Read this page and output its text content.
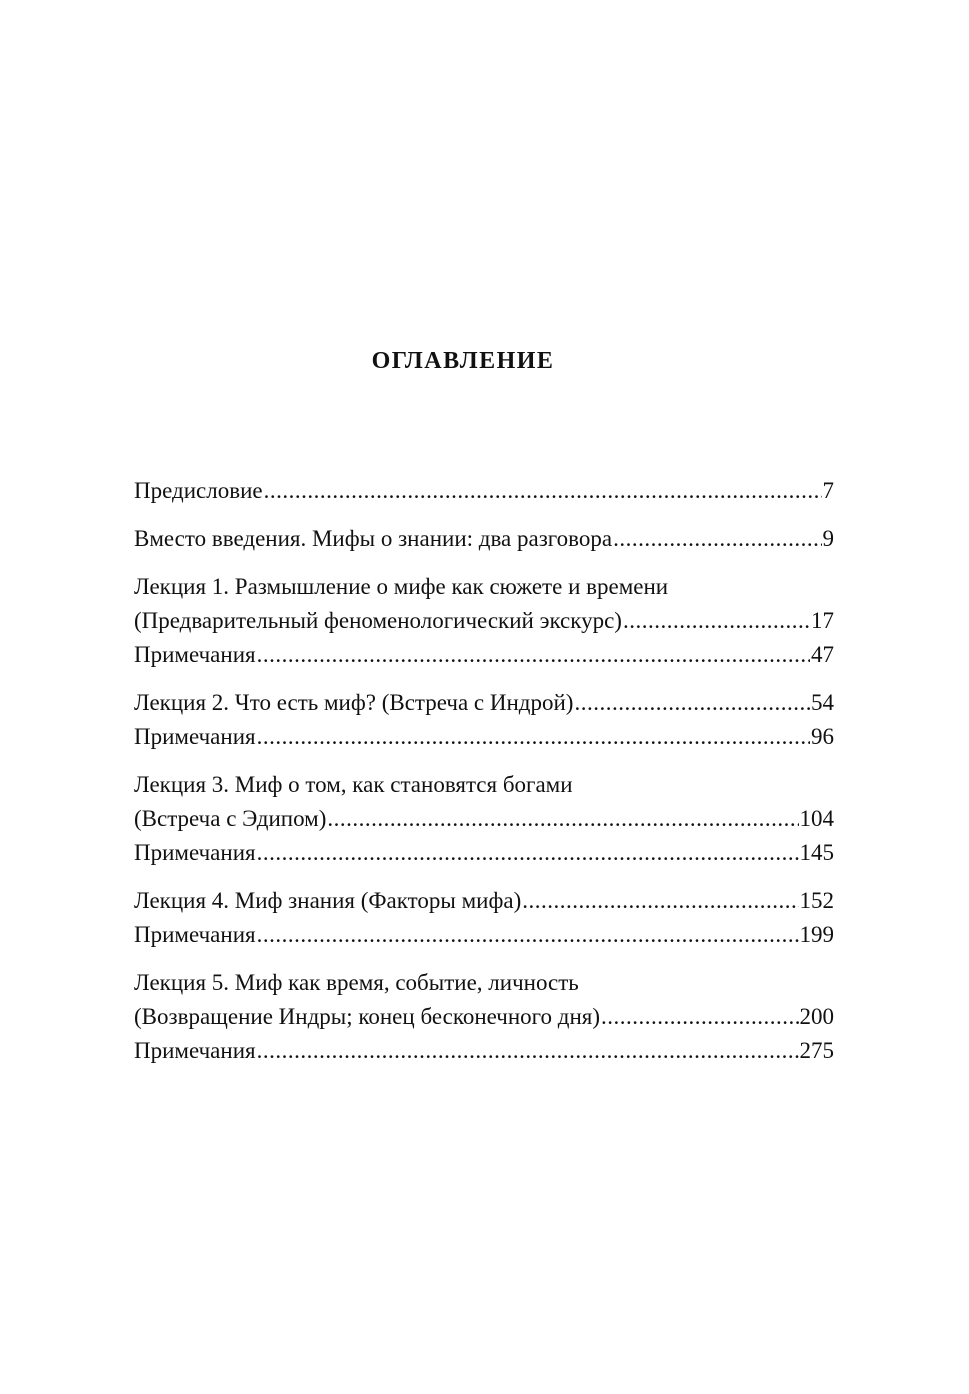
ОГЛАВЛЕНИЕ
Предисловие .....	7
Вместо введения. Мифы о знании: два разговора .....	9
Лекция 1. Размышление о мифе как сюжете и времени
(Предварительный феноменологический экскурс) .....	17
Примечания .....	47
Лекция 2. Что есть миф? (Встреча с Индрой) .....	54
Примечания .....	96
Лекция 3. Миф о том, как становятся богами
(Встреча с Эдипом) .....	104
Примечания .....	145
Лекция 4. Миф знания (Факторы мифа) .....	152
Примечания .....	199
Лекция 5. Миф как время, событие, личность
(Возвращение Индры; конец бесконечного дня) .....	200
Примечания .....	275
